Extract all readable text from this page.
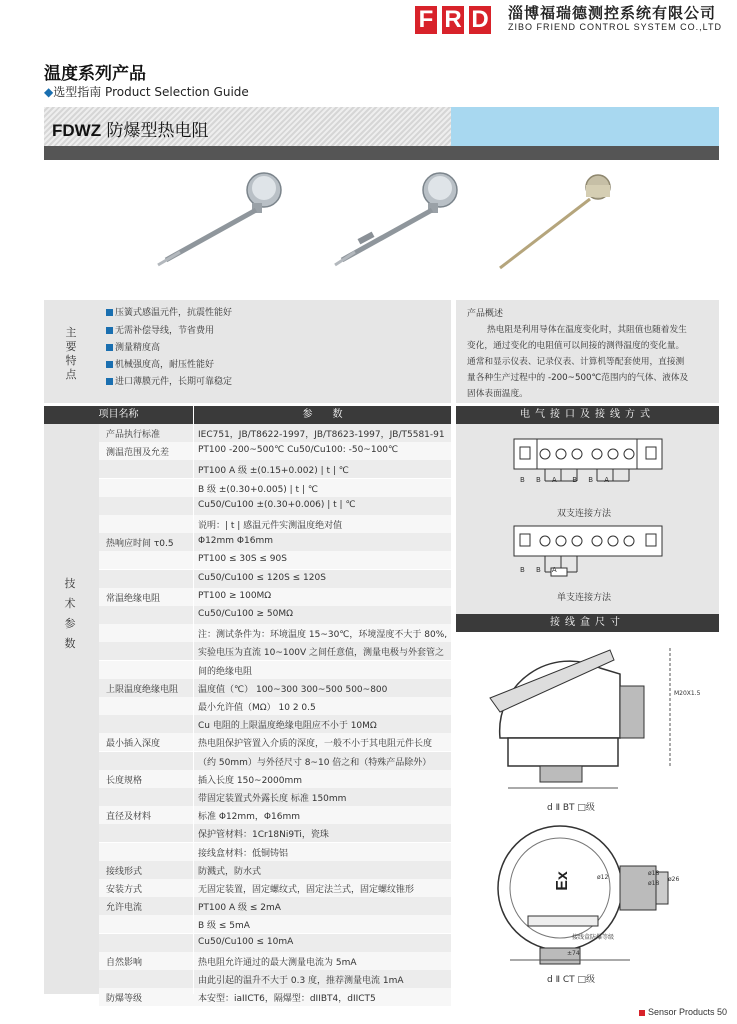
F R D 淄博福瑞德测控系统有限公司
ZIBO FRIEND CONTROL SYSTEM CO.,LTD
温度系列产品
◆选型指南 Product Selection Guide
FDWZ 防爆型热电阻
主要特点
压簧式感温元件，抗震性能好
无需补偿导线，节省费用
测量精度高
机械强度高，耐压性能好
进口薄膜元件，长期可靠稳定
产品概述
热电阻是利用导体在温度变化时，其阻值也随着发生
变化，通过变化的电阻值可以间接的测得温度的变化量。
通常和显示仪表、记录仪表、计算机等配套使用，直接测
量各种生产过程中的 -200~500℃范围内的气体、液体及
固体表面温度。
项目名称	参　　数
技术参数
产品执行标准	IEC751，JB/T8622-1997，JB/T8623-1997，JB/T5581-91
测温范围及允差	PT100 -200~500℃ Cu50/Cu100: -50~100℃
PT100 A 级 ±(0.15+0.002) | t | ℃
B 级 ±(0.30+0.005) | t | ℃
Cu50/Cu100 ±(0.30+0.006) | t | ℃
说明：| t | 感温元件实测温度绝对值
热响应时间 τ0.5	Φ12mm Φ16mm
PT100 ≤ 30S ≤ 90S
Cu50/Cu100 ≤ 120S ≤ 120S
常温绝缘电阻	PT100 ≥ 100MΩ
Cu50/Cu100 ≥ 50MΩ
注：测试条件为：环境温度 15~30℃，环境湿度不大于 80%,
实验电压为直流 10~100V 之间任意值，测量电极与外套管之
间的绝缘电阻
上限温度绝缘电阻 温度值（℃） 100~300 300~500 500~800
最小允许值（MΩ） 10 2 0.5
Cu 电阻的上限温度绝缘电阻应不小于 10MΩ
最小插入深度	热电阻保护管置入介质的深度，一般不小于其电阻元件长度
（约 50mm）与外径尺寸 8~10 倍之和（特殊产品除外）
长度规格	插入长度 150~2000mm
带固定装置式外露长度 标准 150mm
直径及材料	标准 Φ12mm，Φ16mm
保护管材料：1Cr18Ni9Ti，瓷珠
接线盒材料：低铜铸铝
接线形式	防溅式，防水式
安装方式	无固定装置，固定螺纹式，固定法兰式，固定螺纹锥形
允许电流	PT100 A 级 ≤ 2mA
B 级 ≤ 5mA
Cu50/Cu100 ≤ 10mA
自然影响	热电阻允许通过的最大测量电流为 5mA
由此引起的温升不大于 0.3 度，推荐测量电流 1mA
防爆等级	本安型：iaIICT6，隔爆型：dIIBT4，dIICT5
电气接口及接线方式
B B A B B A
双支连接方法
B B A
单支连接方法
接线盒尺寸
M20X1.5
d Ⅱ BT □级
Ex
接线盒防爆等级
±74
ø12
ø18
ø18
ø26
d Ⅱ CT □级
Sensor Products 50
